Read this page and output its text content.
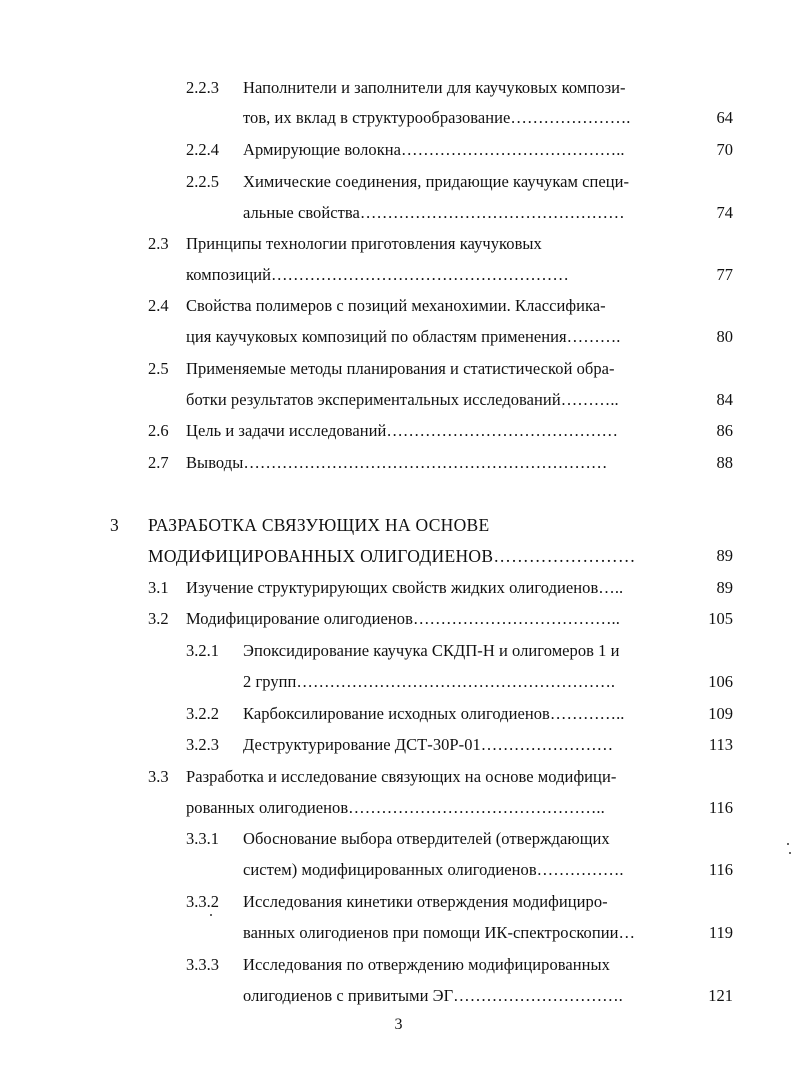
2.2.3 Наполнители и заполнители для каучуковых компози-
тов, их вклад в структурообразование………………….	64
2.2.4 Армирующие волокна…………………………………..	70
2.2.5 Химические соединения, придающие каучукам специ-
альные свойства…………………………………………	74
2.3 Принципы технологии приготовления каучуковых
композиций………………………………………………	77
2.4 Свойства полимеров с позиций механохимии. Классифика-
ция каучуковых композиций по областям применения……….	80
2.5 Применяемые методы планирования и статистической обра-
ботки результатов экспериментальных исследований………..	84
2.6 Цель и задачи исследований……………………………………	86
2.7 Выводы…………………………………………………………	88
3 РАЗРАБОТКА СВЯЗУЮЩИХ НА ОСНОВЕ
МОДИФИЦИРОВАННЫХ ОЛИГОДИЕНОВ……………………	89
3.1 Изучение структурирующих свойств жидких олигодиенов…..	89
3.2 Модифицирование олигодиенов………………………………..	105
3.2.1 Эпоксидирование каучука СКДП-Н и олигомеров 1 и
2 групп………………………………………………….	106
3.2.2 Карбоксилирование исходных олигодиенов…………..	109
3.2.3 Деструктурирование ДСТ-30Р-01……………………	113
3.3 Разработка и исследование связующих на основе модифици-
рованных олигодиенов………………………………………..	116
3.3.1 Обоснование выбора отвердителей (отверждающих
систем) модифицированных олигодиенов…………….	116
3.3.2 Исследования кинетики отверждения модифициро-
ванных олигодиенов при помощи ИК-спектроскопии…	119
3.3.3 Исследования по отверждению модифицированных
олигодиенов с привитыми ЭГ………………………….	121
3
